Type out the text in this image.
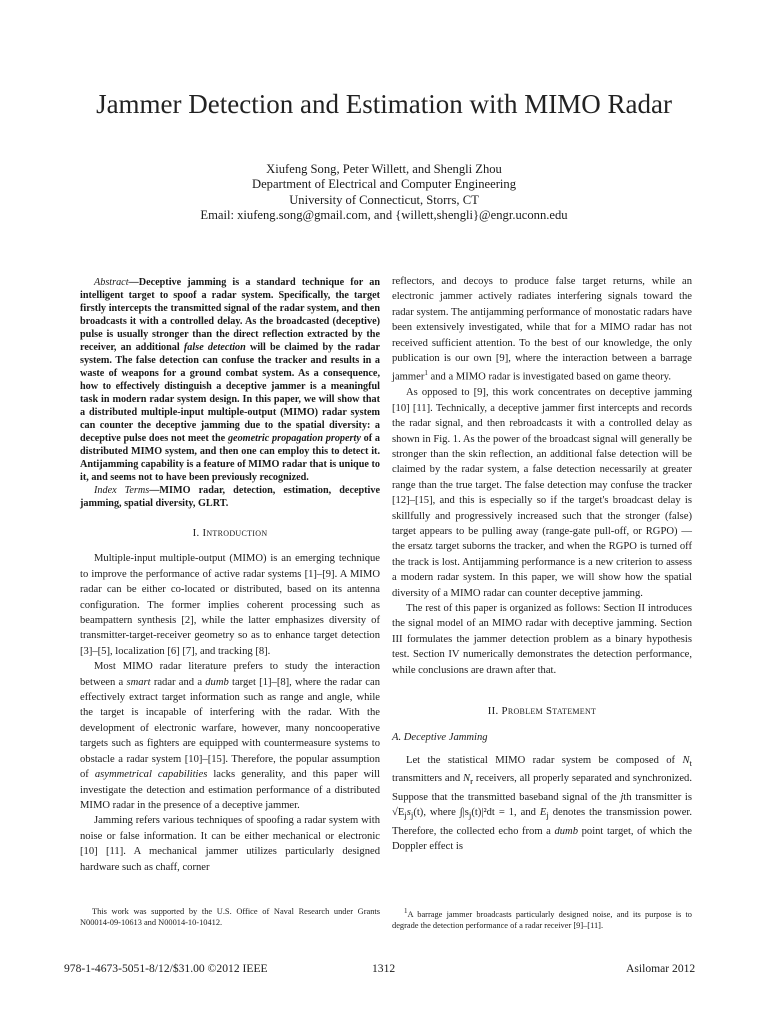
Jammer Detection and Estimation with MIMO Radar
Xiufeng Song, Peter Willett, and Shengli Zhou
Department of Electrical and Computer Engineering
University of Connecticut, Storrs, CT
Email: xiufeng.song@gmail.com, and {willett,shengli}@engr.uconn.edu

Abstract—Deceptive jamming is a standard technique for an intelligent target to spoof a radar system. Specifically, the target firstly intercepts the transmitted signal of the radar system, and then broadcasts it with a controlled delay. As the broadcasted (deceptive) pulse is usually stronger than the direct reflection extracted by the receiver, an additional false detection will be claimed by the radar system. The false detection can confuse the tracker and results in a waste of weapons for a ground combat system. As a consequence, how to effectively distinguish a deceptive jammer is a meaningful task in modern radar system design. In this paper, we will show that a distributed multiple-input multiple-output (MIMO) radar system can counter the deceptive jamming due to the spatial diversity: a deceptive pulse does not meet the geometric propagation property of a distributed MIMO system, and then one can employ this to detect it. Antijamming capability is a feature of MIMO radar that is unique to it, and seems not to have been previously recognized.

Index Terms—MIMO radar, detection, estimation, deceptive jamming, spatial diversity, GLRT.

I. Introduction

Multiple-input multiple-output (MIMO) is an emerging technique to improve the performance of active radar systems [1]–[9]. A MIMO radar can be either co-located or distributed, based on its antenna configuration. The former implies coherent processing such as beampattern synthesis [2], while the latter emphasizes diversity of transmitter-target-receiver geometry so as to enhance target detection [3]–[5], localization [6] [7], and tracking [8].

Most MIMO radar literature prefers to study the interaction between a smart radar and a dumb target [1]–[8], where the radar can effectively extract target information such as range and angle, while the target is incapable of interfering with the radar. With the development of electronic warfare, however, many noncooperative targets such as fighters are equipped with countermeasure systems to obstacle a radar system [10]–[15]. Therefore, the popular assumption of asymmetrical capabilities lacks generality, and this paper will investigate the detection and estimation performance of a distributed MIMO radar in the presence of a deceptive jammer.

Jamming refers various techniques of spoofing a radar system with noise or false information. It can be either mechanical or electronic [10] [11]. A mechanical jammer utilizes particularly designed hardware such as chaff, corner

reflectors, and decoys to produce false target returns, while an electronic jammer actively radiates interfering signals toward the radar system. The antijamming performance of monostatic radars have been extensively investigated, while that for a MIMO radar has not received sufficient attention. To the best of our knowledge, the only publication is our own [9], where the interaction between a barrage jammer$^1$ and a MIMO radar is investigated based on game theory.

As opposed to [9], this work concentrates on deceptive jamming [10] [11]. Technically, a deceptive jammer first intercepts and records the radar signal, and then rebroadcasts it with a controlled delay as shown in Fig. 1. As the power of the broadcast signal will generally be stronger than the skin reflection, an additional false detection will be claimed by the radar system, a false detection necessarily at greater range than the true target. The false detection may confuse the tracker [12]–[15], and this is especially so if the target's broadcast delay is skillfully and progressively increased such that the stronger (false) target appears to be pulling away (range-gate pull-off, or RGPO) — the ersatz target suborns the tracker, and when the RGPO is turned off the track is lost. Antijamming performance is a new criterion to assess a modern radar system. In this paper, we will show how the spatial diversity of a MIMO radar can counter deceptive jamming.

The rest of this paper is organized as follows: Section II introduces the signal model of an MIMO radar with deceptive jamming. Section III formulates the jammer detection problem as a binary hypothesis test. Section IV numerically demonstrates the detection performance, while conclusions are drawn after that.

II. Problem Statement
A. Deceptive Jamming

Let the statistical MIMO radar system be composed of $N_t$ transmitters and $N_r$ receivers, all properly separated and synchronized. Suppose that the transmitted baseband signal of the jth transmitter is $√E_js_j(t)$, where $\int|s_j(t)|^2dt = 1$, and $E_j$ denotes the transmission power. Therefore, the collected echo from a dumb point target, of which the Doppler effect is

This work was supported by the U.S. Office of Naval Research under Grants N00014-09-10613 and N00014-10-10412.
$^1$A barrage jammer broadcasts particularly designed noise, and its purpose is to degrade the detection performance of a radar receiver [9]–[11].
978-1-4673-5051-8/12/$31.00 ©2012 IEEE	1312	Asilomar 2012
